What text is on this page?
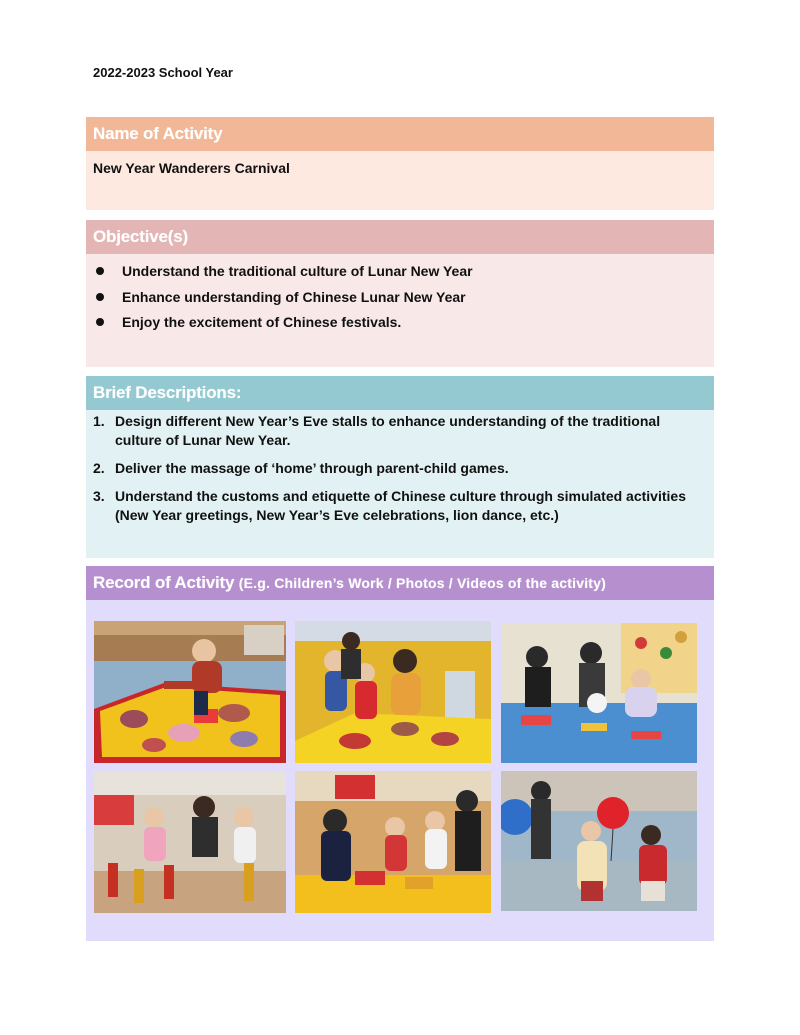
2022-2023 School Year
Name of Activity
New Year Wanderers Carnival
Objective(s)
Understand the traditional culture of Lunar New Year
Enhance understanding of Chinese Lunar New Year
Enjoy the excitement of Chinese festivals.
Brief Descriptions:
1. Design different New Year’s Eve stalls to enhance understanding of the traditional culture of Lunar New Year.
2. Deliver the massage of ‘home’ through parent-child games.
3. Understand the customs and etiquette of Chinese culture through simulated activities (New Year greetings, New Year’s Eve celebrations, lion dance, etc.)
Record of Activity (E.g. Children’s Work / Photos / Videos of the activity)
